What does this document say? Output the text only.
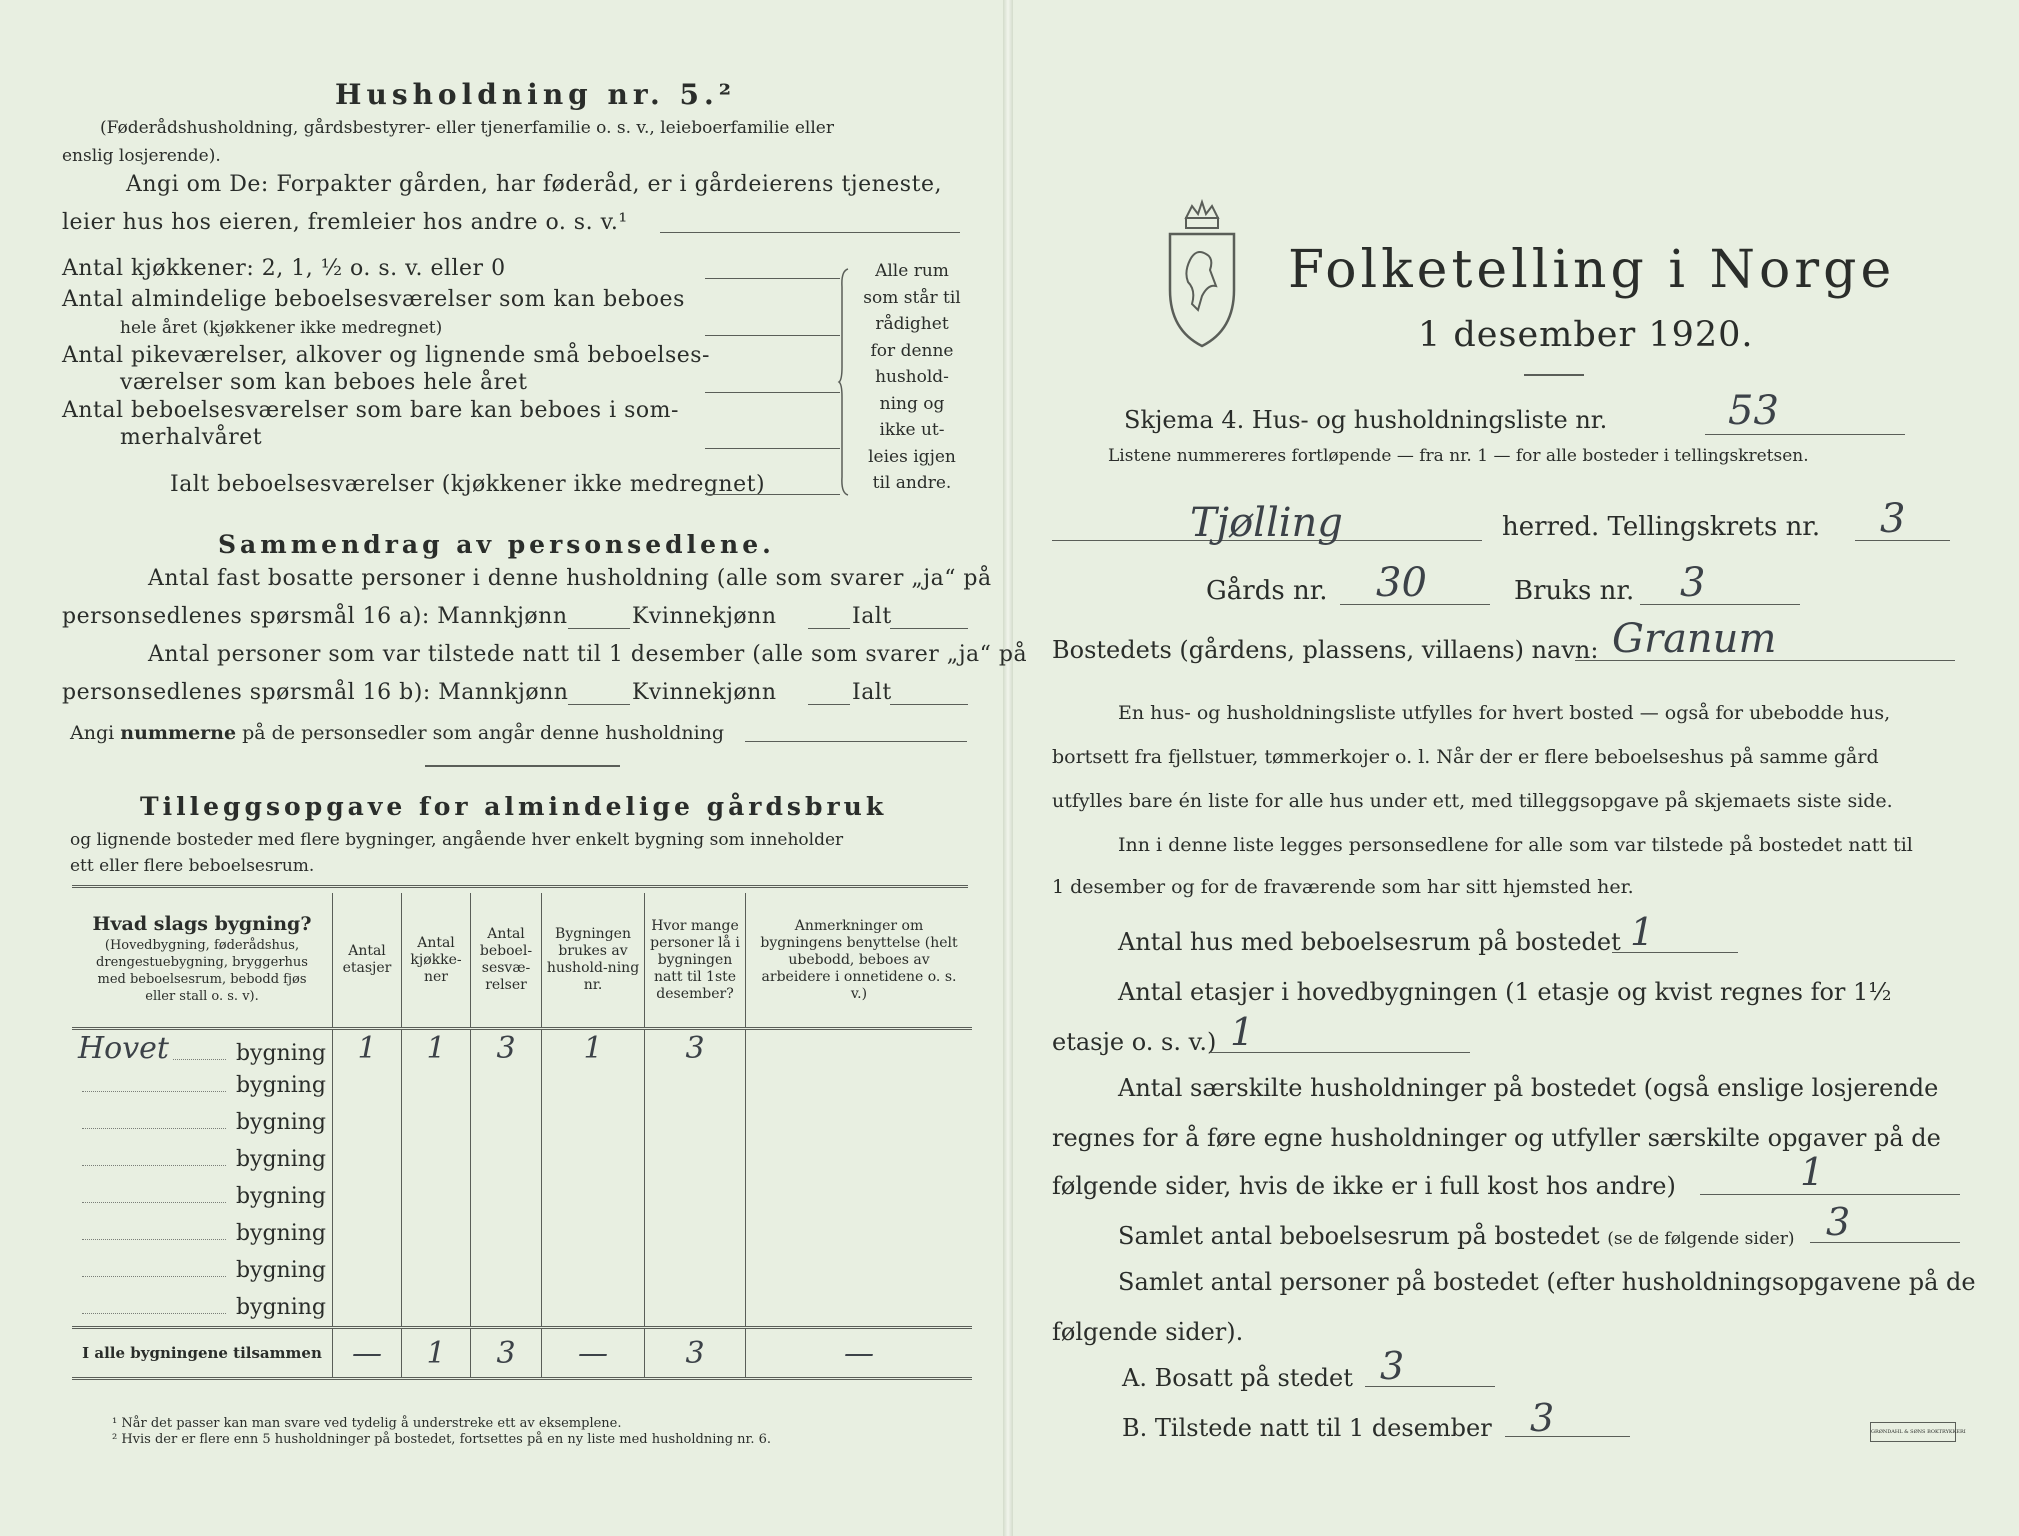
Husholdning nr. 5.²
(Føderådshusholdning, gårdsbestyrer- eller tjenerfamilie o. s. v., leieboerfamilie eller
enslig losjerende).
Angi om De: Forpakter gården, har føderåd, er i gårdeierens tjeneste,
leier hus hos eieren, fremleier hos andre o. s. v.¹
Antal kjøkkener: 2, 1, ½ o. s. v. eller 0
Antal almindelige beboelsesværelser som kan beboes
hele året (kjøkkener ikke medregnet)
Antal pikeværelser, alkover og lignende små beboelses-
værelser som kan beboes hele året
Antal beboelsesværelser som bare kan beboes i som-
merhalvåret
Ialt beboelsesværelser (kjøkkener ikke medregnet)
Alle rum
som står til
rådighet
for denne
hushold-
ning og
ikke ut-
leies igjen
til andre.
Sammendrag av personsedlene.
Antal fast bosatte personer i denne husholdning (alle som svarer „ja“ på
personsedlenes spørsmål 16 a): Mannkjønn	Kvinnekjønn	Ialt
Antal personer som var tilstede natt til 1 desember (alle som svarer „ja“ på
personsedlenes spørsmål 16 b): Mannkjønn	Kvinnekjønn	Ialt
Angi nummerne på de personsedler som angår denne husholdning
Tilleggsopgave for almindelige gårdsbruk
og lignende bosteder med flere bygninger, angående hver enkelt bygning som inneholder
ett eller flere beboelsesrum.
Hvad slags bygning?
(Hovedbygning, føderådshus, drengestuebygning, bryggerhus med beboelsesrum, bebodd fjøs eller stall o. s. v).	Antal etasjer	Antal kjøkke-ner	Antal beboel-sesvæ-relser	Bygningen brukes av hushold-ning nr.	Hvor mange personer lå i bygningen natt til 1ste desember?	Anmerkninger om bygningens benyttelse (helt ubebodd, beboes av arbeidere i onnetidene o. s. v.)

Hovet bygning	1	1	3	1	3	

bygning						

bygning						

bygning						

bygning						

bygning						

bygning						

bygning						

I alle bygningene tilsammen	—	1	3	—	3	—
¹ Når det passer kan man svare ved tydelig å understreke ett av eksemplene.
² Hvis der er flere enn 5 husholdninger på bostedet, fortsettes på en ny liste med husholdning nr. 6.
Folketelling i Norge
1 desember 1920.
Skjema 4. Hus- og husholdningsliste nr.	53
Listene nummereres fortløpende — fra nr. 1 — for alle bosteder i tellingskretsen.
Tjølling	herred. Tellingskrets nr. 3
Gårds nr. 30	Bruks nr. 3
Bostedets (gårdens, plassens, villaens) navn: Granum
En hus- og husholdningsliste utfylles for hvert bosted — også for ubebodde hus,
bortsett fra fjellstuer, tømmerkojer o. l. Når der er flere beboelseshus på samme gård
utfylles bare én liste for alle hus under ett, med tilleggsopgave på skjemaets siste side.
Inn i denne liste legges personsedlene for alle som var tilstede på bostedet natt til
1 desember og for de fraværende som har sitt hjemsted her.
Antal hus med beboelsesrum på bostedet 1
Antal etasjer i hovedbygningen (1 etasje og kvist regnes for 1½
etasje o. s. v.) 1
Antal særskilte husholdninger på bostedet (også enslige losjerende
regnes for å føre egne husholdninger og utfyller særskilte opgaver på de
følgende sider, hvis de ikke er i full kost hos andre)	1
Samlet antal beboelsesrum på bostedet (se de følgende sider) 3
Samlet antal personer på bostedet (efter husholdningsopgavene på de
følgende sider).
A. Bosatt på stedet 3
B. Tilstede natt til 1 desember 3	GRØNDAHL & SØNS BOKTRYKKERI
